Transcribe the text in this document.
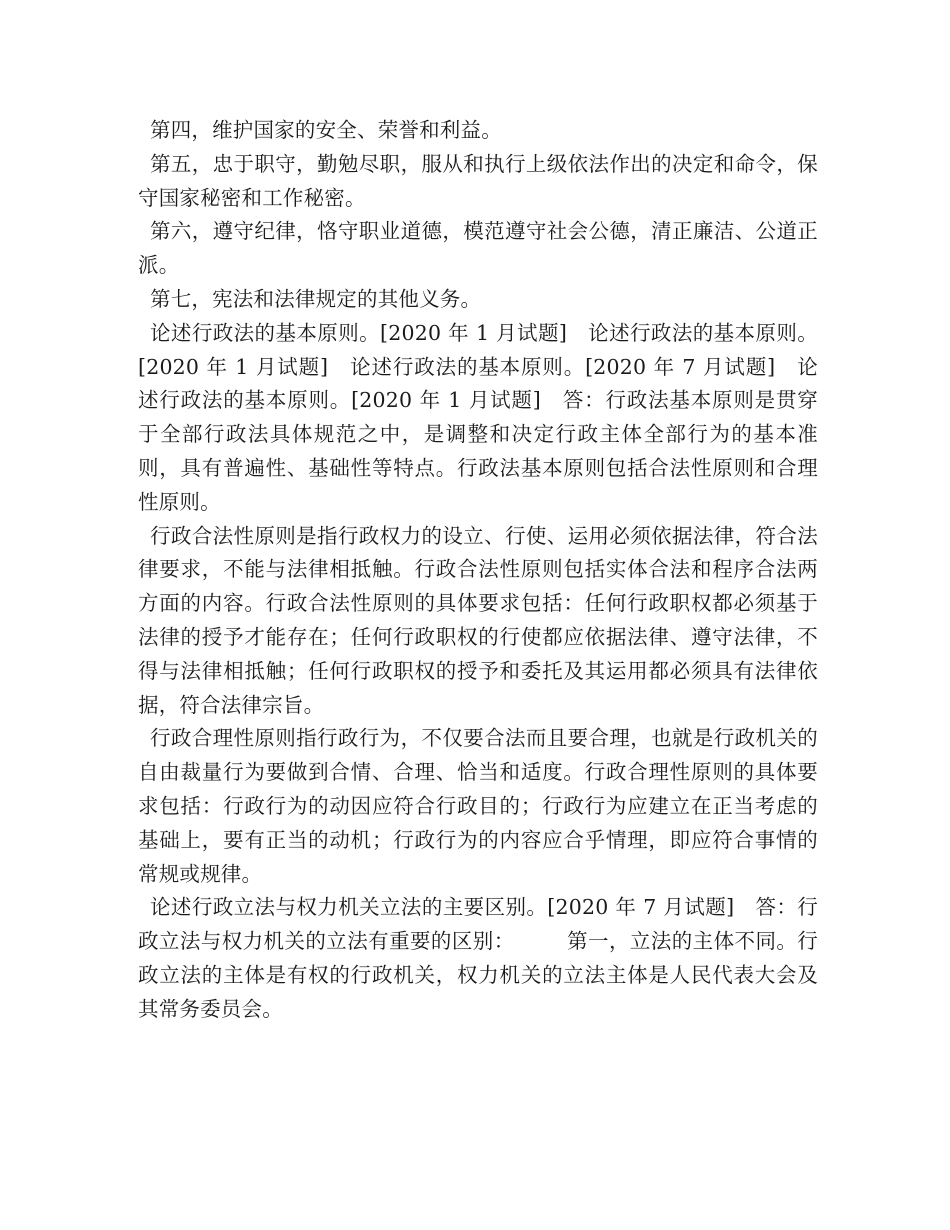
第四，维护国家的安全、荣誉和利益。

第五，忠于职守，勤勉尽职，服从和执行上级依法作出的决定和命令，保守国家秘密和工作秘密。

第六，遵守纪律，恪守职业道德，模范遵守社会公德，清正廉洁、公道正派。

第七，宪法和法律规定的其他义务。

论述行政法的基本原则。[2020 年 1 月试题]　论述行政法的基本原则。[2020 年 1 月试题]　论述行政法的基本原则。[2020 年 7 月试题]　论述行政法的基本原则。[2020 年 1 月试题]　答：行政法基本原则是贯穿于全部行政法具体规范之中，是调整和决定行政主体全部行为的基本准则，具有普遍性、基础性等特点。行政法基本原则包括合法性原则和合理性原则。

行政合法性原则是指行政权力的设立、行使、运用必须依据法律，符合法律要求，不能与法律相抵触。行政合法性原则包括实体合法和程序合法两方面的内容。行政合法性原则的具体要求包括：任何行政职权都必须基于法律的授予才能存在；任何行政职权的行使都应依据法律、遵守法律，不得与法律相抵触；任何行政职权的授予和委托及其运用都必须具有法律依据，符合法律宗旨。

行政合理性原则指行政行为，不仅要合法而且要合理，也就是行政机关的自由裁量行为要做到合情、合理、恰当和适度。行政合理性原则的具体要求包括：行政行为的动因应符合行政目的；行政行为应建立在正当考虑的基础上，要有正当的动机；行政行为的内容应合乎情理，即应符合事情的常规或规律。

论述行政立法与权力机关立法的主要区别。[2020 年 7 月试题]　答：行政立法与权力机关的立法有重要的区别：　　　第一，立法的主体不同。行政立法的主体是有权的行政机关，权力机关的立法主体是人民代表大会及其常务委员会。
